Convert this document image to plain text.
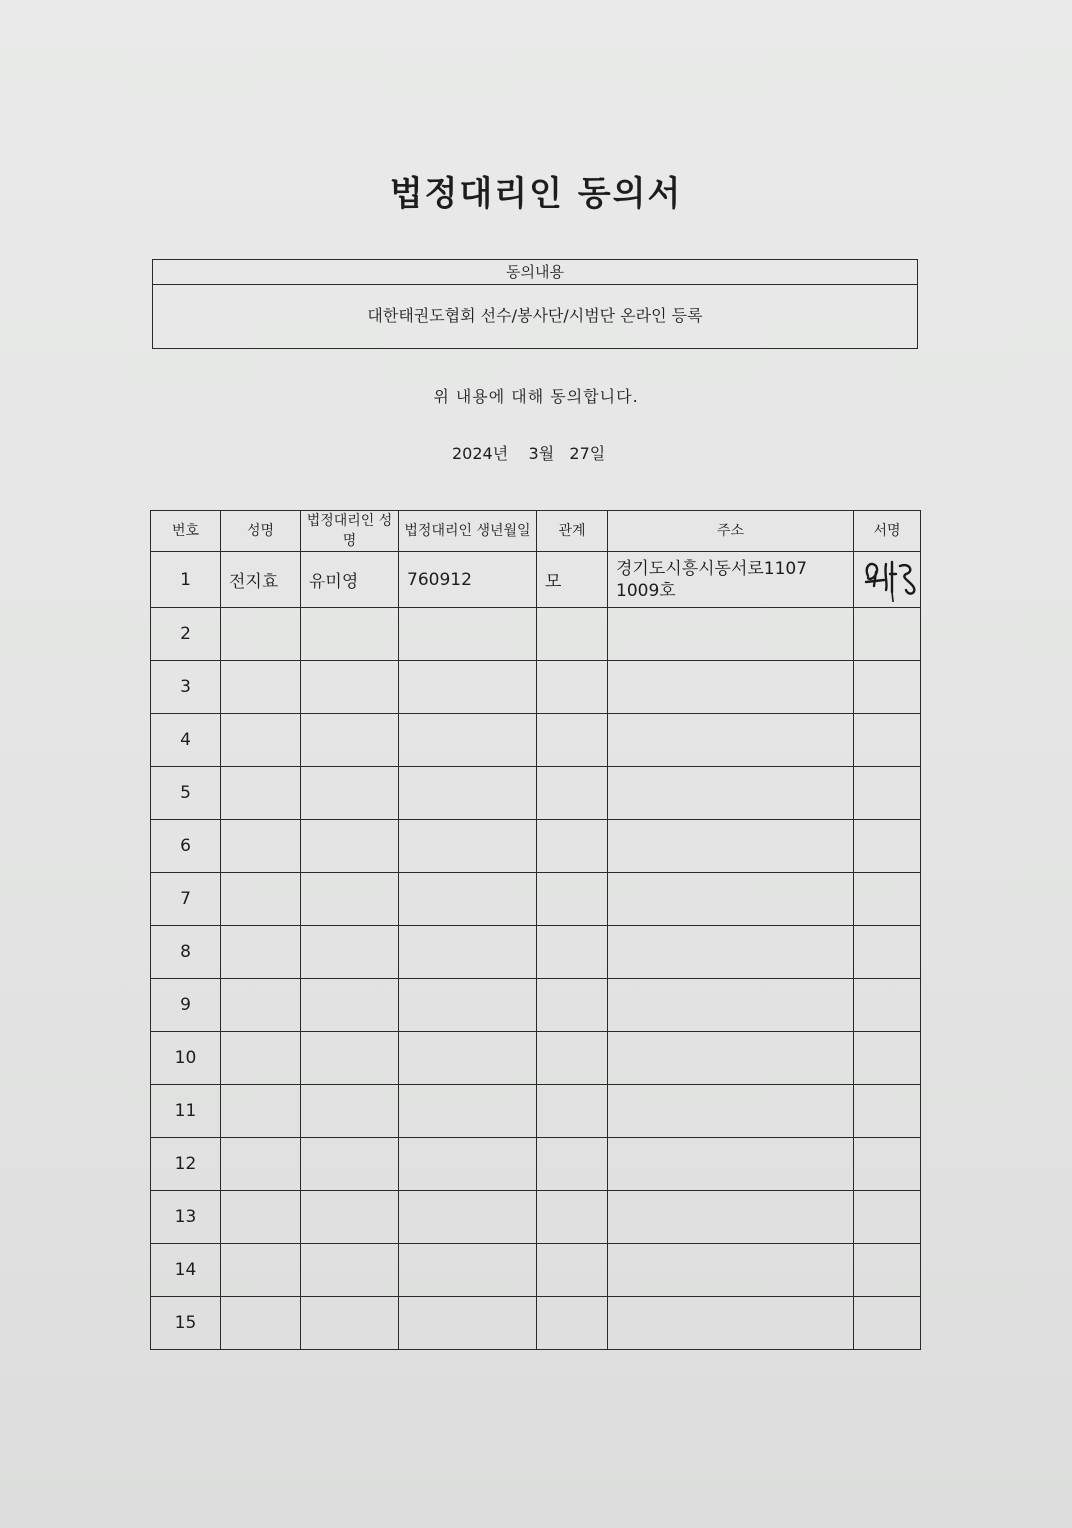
법정대리인 동의서
동의내용
대한태권도협회 선수/봉사단/시범단 온라인 등록
위 내용에 대해 동의합니다.
2024년    3월   27일
번호	성명	법정대리인 성명	법정대리인 생년월일	관계	주소	서명
1	전지효	유미영	760912	모	경기도시흥시동서로1107 1009호	
2						
3						
4						
5						
6						
7						
8						
9						
10						
11						
12						
13						
14						
15						
